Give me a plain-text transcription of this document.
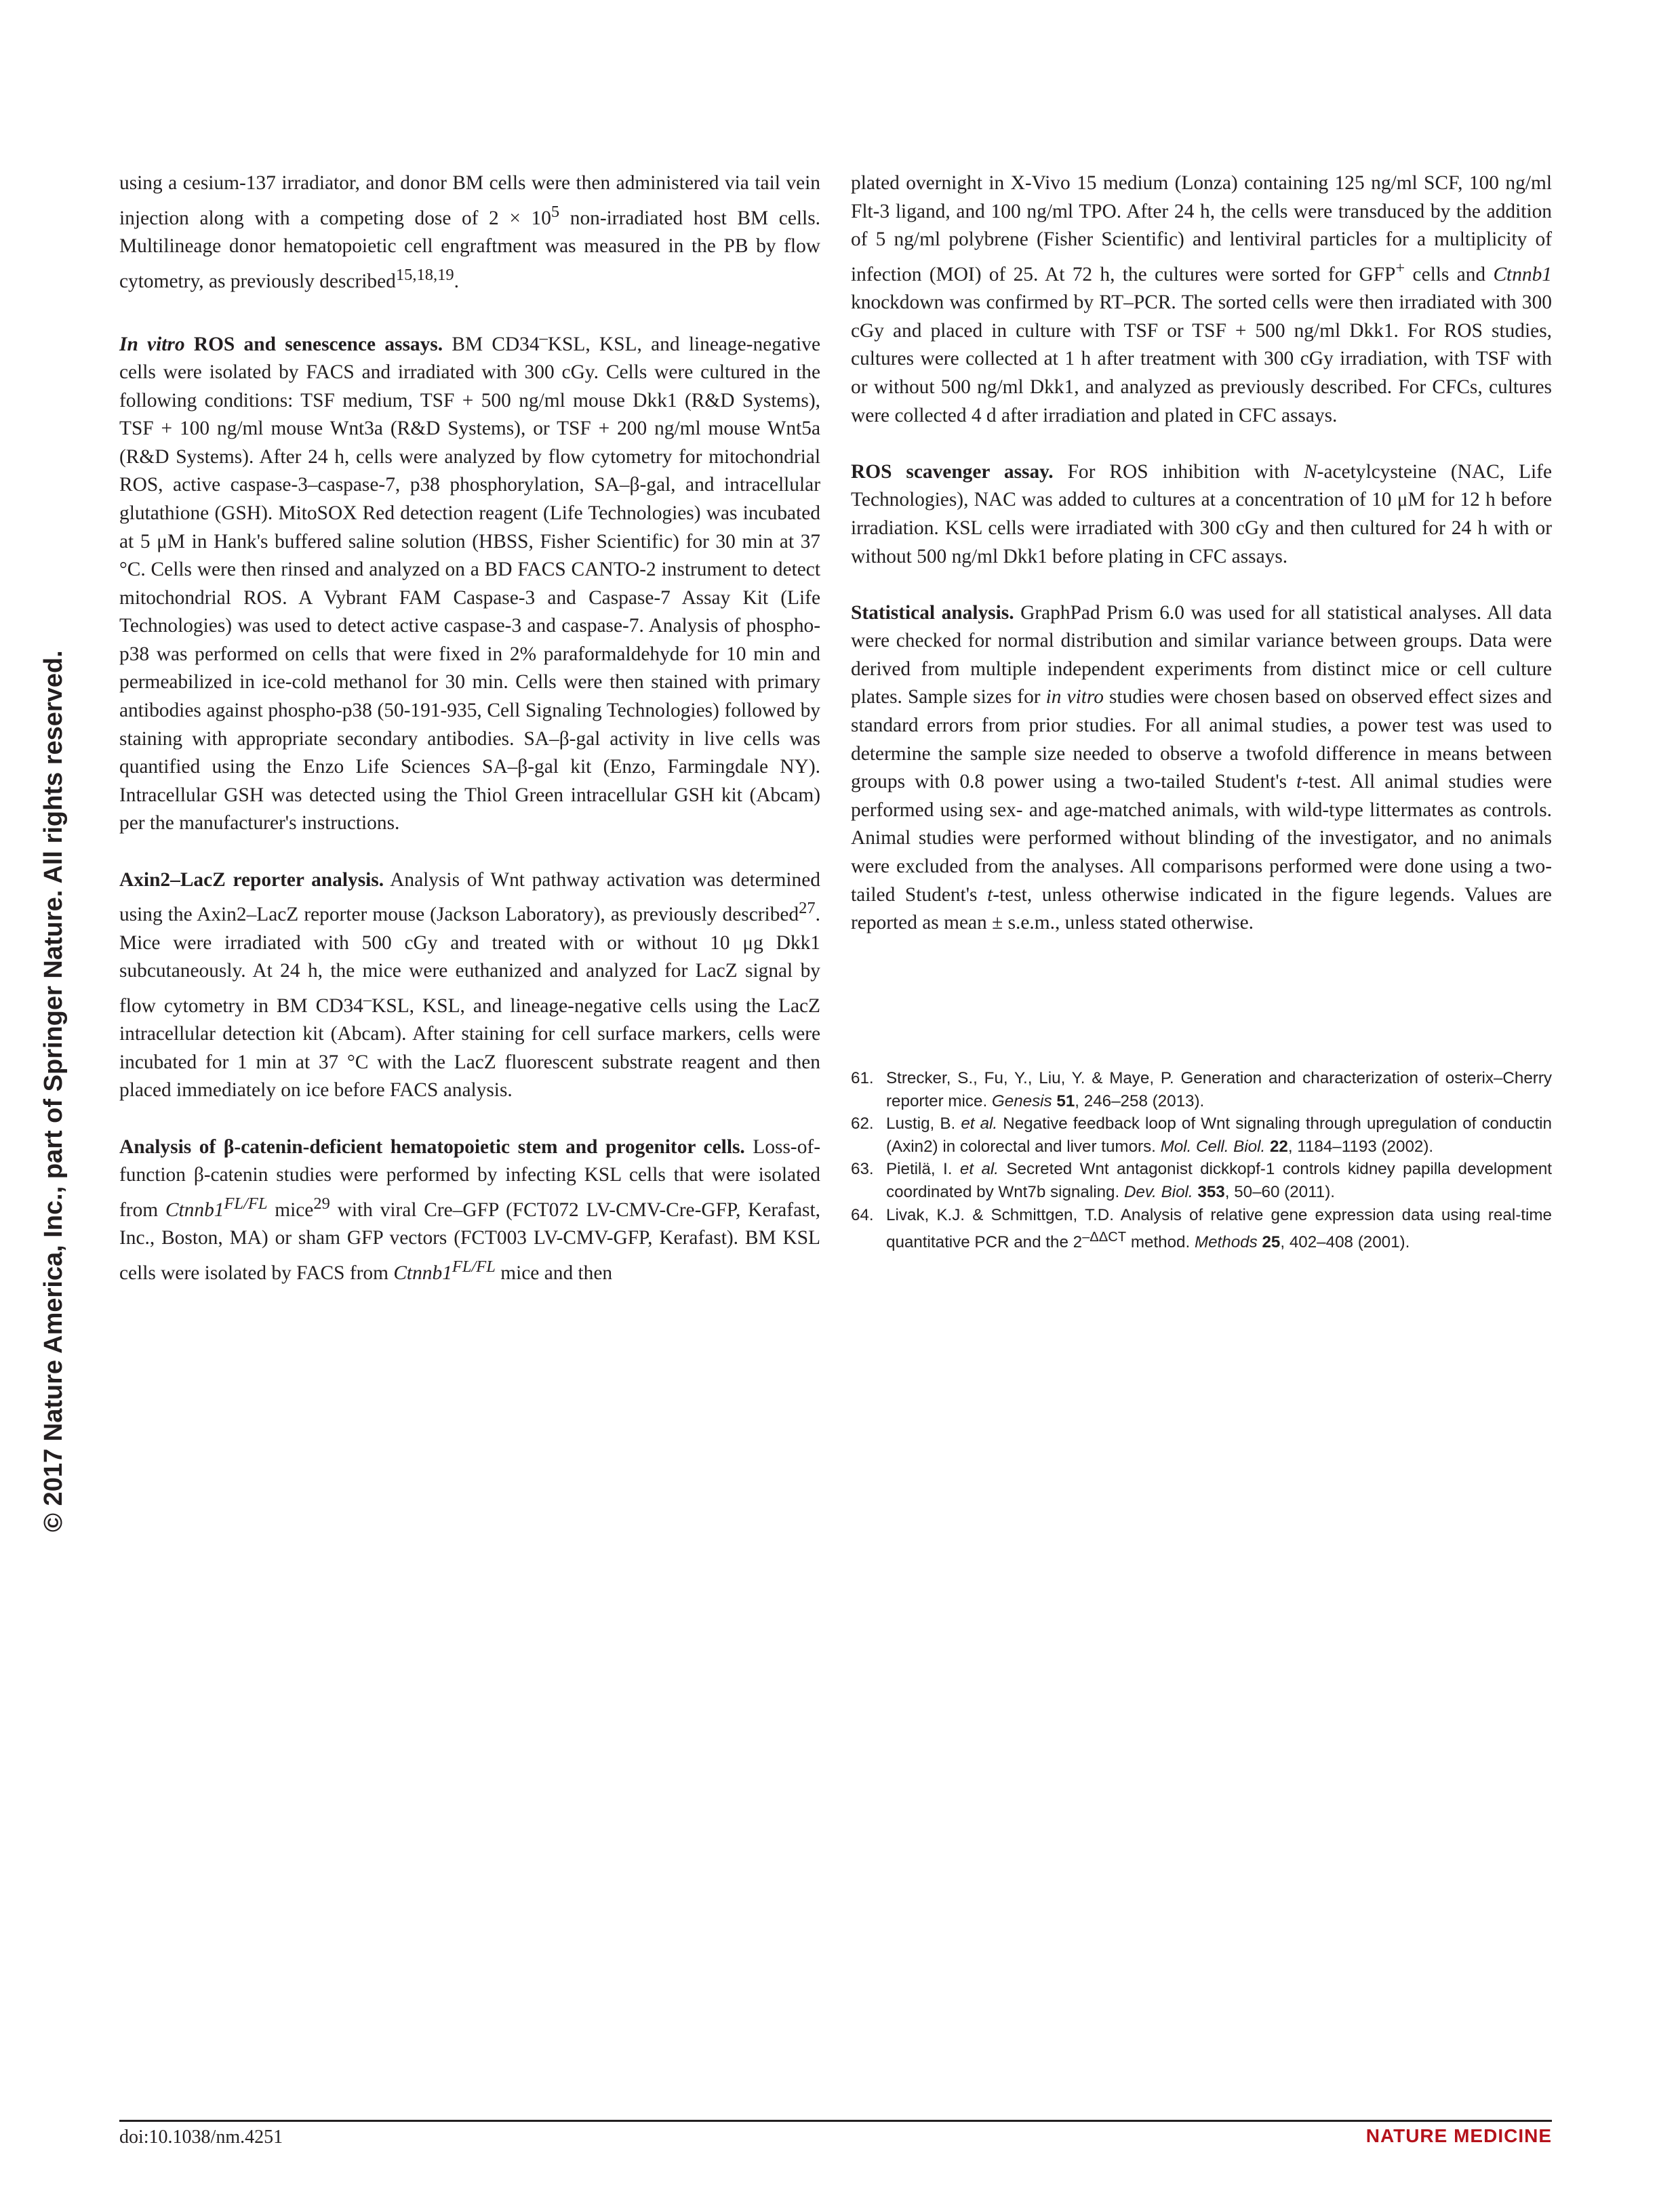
© 2017 Nature America, Inc., part of Springer Nature. All rights reserved.

using a cesium-137 irradiator, and donor BM cells were then administered via tail vein injection along with a competing dose of $2 \times 10^5$ non-irradiated host BM cells. Multilineage donor hematopoietic cell engraftment was measured in the PB by flow cytometry, as previously described$^{15,18,19}$.

In vitro ROS and senescence assays. BM CD34–KSL, KSL, and lineage-negative cells were isolated by FACS and irradiated with 300 cGy. Cells were cultured in the following conditions: TSF medium, TSF + 500 ng/ml mouse Dkk1 (R&D Systems), TSF + 100 ng/ml mouse Wnt3a (R&D Systems), or TSF + 200 ng/ml mouse Wnt5a (R&D Systems). After 24 h, cells were analyzed by flow cytometry for mitochondrial ROS, active caspase-3–caspase-7, p38 phosphorylation, SA–β-gal, and intracellular glutathione (GSH). MitoSOX Red detection reagent (Life Technologies) was incubated at 5 μM in Hank's buffered saline solution (HBSS, Fisher Scientific) for 30 min at 37 °C. Cells were then rinsed and analyzed on a BD FACS CANTO-2 instrument to detect mitochondrial ROS. A Vybrant FAM Caspase-3 and Caspase-7 Assay Kit (Life Technologies) was used to detect active caspase-3 and caspase-7. Analysis of phospho-p38 was performed on cells that were fixed in 2% paraformaldehyde for 10 min and permeabilized in ice-cold methanol for 30 min. Cells were then stained with primary antibodies against phospho-p38 (50-191-935, Cell Signaling Technologies) followed by staining with appropriate secondary antibodies. SA–β-gal activity in live cells was quantified using the Enzo Life Sciences SA–β-gal kit (Enzo, Farmingdale NY). Intracellular GSH was detected using the Thiol Green intracellular GSH kit (Abcam) per the manufacturer's instructions.

Axin2–LacZ reporter analysis. Analysis of Wnt pathway activation was determined using the Axin2–LacZ reporter mouse (Jackson Laboratory), as previously described$^{27}$. Mice were irradiated with 500 cGy and treated with or without 10 μg Dkk1 subcutaneously. At 24 h, the mice were euthanized and analyzed for LacZ signal by flow cytometry in BM CD34–KSL, KSL, and lineage-negative cells using the LacZ intracellular detection kit (Abcam). After staining for cell surface markers, cells were incubated for 1 min at 37 °C with the LacZ fluorescent substrate reagent and then placed immediately on ice before FACS analysis.

Analysis of β-catenin-deficient hematopoietic stem and progenitor cells. Loss-of-function β-catenin studies were performed by infecting KSL cells that were isolated from $Ctnnb1^{FL/FL}$ mice$^{29}$ with viral Cre–GFP (FCT072 LV-CMV-Cre-GFP, Kerafast, Inc., Boston, MA) or sham GFP vectors (FCT003 LV-CMV-GFP, Kerafast). BM KSL cells were isolated by FACS from $Ctnnb1^{FL/FL}$ mice and then

plated overnight in X-Vivo 15 medium (Lonza) containing 125 ng/ml SCF, 100 ng/ml Flt-3 ligand, and 100 ng/ml TPO. After 24 h, the cells were transduced by the addition of 5 ng/ml polybrene (Fisher Scientific) and lentiviral particles for a multiplicity of infection (MOI) of 25. At 72 h, the cultures were sorted for GFP+ cells and Ctnnb1 knockdown was confirmed by RT–PCR. The sorted cells were then irradiated with 300 cGy and placed in culture with TSF or TSF + 500 ng/ml Dkk1. For ROS studies, cultures were collected at 1 h after treatment with 300 cGy irradiation, with TSF with or without 500 ng/ml Dkk1, and analyzed as previously described. For CFCs, cultures were collected 4 d after irradiation and plated in CFC assays.

ROS scavenger assay. For ROS inhibition with N-acetylcysteine (NAC, Life Technologies), NAC was added to cultures at a concentration of 10 μM for 12 h before irradiation. KSL cells were irradiated with 300 cGy and then cultured for 24 h with or without 500 ng/ml Dkk1 before plating in CFC assays.

Statistical analysis. GraphPad Prism 6.0 was used for all statistical analyses. All data were checked for normal distribution and similar variance between groups. Data were derived from multiple independent experiments from distinct mice or cell culture plates. Sample sizes for in vitro studies were chosen based on observed effect sizes and standard errors from prior studies. For all animal studies, a power test was used to determine the sample size needed to observe a twofold difference in means between groups with 0.8 power using a two-tailed Student's t-test. All animal studies were performed using sex- and age-matched animals, with wild-type littermates as controls. Animal studies were performed without blinding of the investigator, and no animals were excluded from the analyses. All comparisons performed were done using a two-tailed Student's t-test, unless otherwise indicated in the figure legends. Values are reported as mean ± s.e.m., unless stated otherwise.

61. Strecker, S., Fu, Y., Liu, Y. & Maye, P. Generation and characterization of osterix–Cherry reporter mice. Genesis 51, 246–258 (2013).
62. Lustig, B. et al. Negative feedback loop of Wnt signaling through upregulation of conductin (Axin2) in colorectal and liver tumors. Mol. Cell. Biol. 22, 1184–1193 (2002).
63. Pietilä, I. et al. Secreted Wnt antagonist dickkopf-1 controls kidney papilla development coordinated by Wnt7b signaling. Dev. Biol. 353, 50–60 (2011).
64. Livak, K.J. & Schmittgen, T.D. Analysis of relative gene expression data using real-time quantitative PCR and the $2^{-\Delta\Delta CT}$ method. Methods 25, 402–408 (2001).
doi:10.1038/nm.4251	NATURE MEDICINE
